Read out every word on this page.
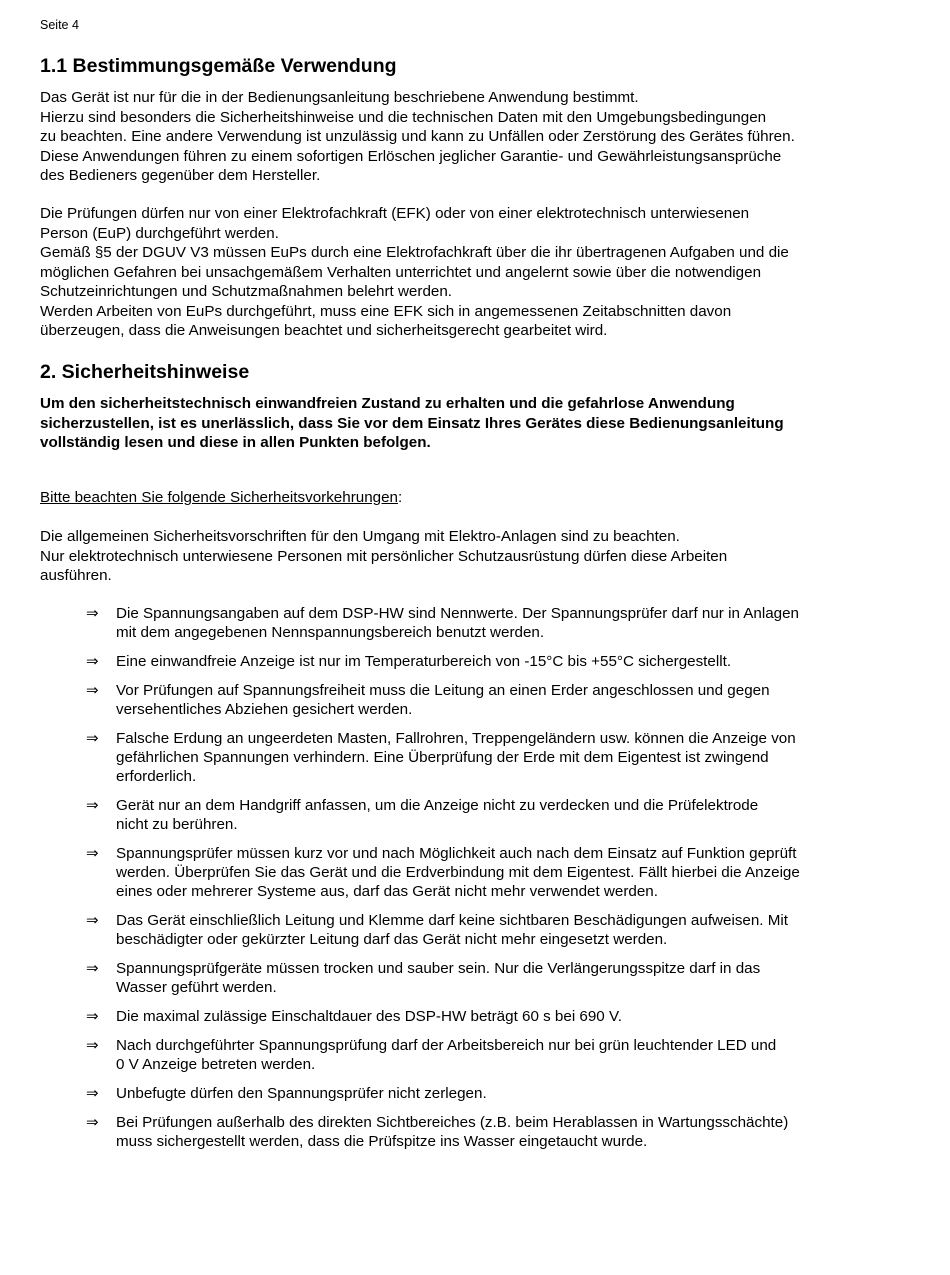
Seite 4
1.1 Bestimmungsgemäße Verwendung
Das Gerät ist nur für die in der Bedienungsanleitung beschriebene Anwendung bestimmt.
Hierzu sind besonders die Sicherheitshinweise und die technischen Daten mit den Umgebungsbedingungen
zu beachten. Eine andere Verwendung ist unzulässig und kann zu Unfällen oder Zerstörung des Gerätes führen.
Diese Anwendungen führen zu einem sofortigen Erlöschen jeglicher Garantie- und Gewährleistungsansprüche
des Bedieners gegenüber dem Hersteller.
Die Prüfungen dürfen nur von einer Elektrofachkraft (EFK) oder von einer elektrotechnisch unterwiesenen
Person (EuP) durchgeführt werden.
Gemäß §5 der DGUV V3 müssen EuPs durch eine Elektrofachkraft über die ihr übertragenen Aufgaben und die
möglichen Gefahren bei unsachgemäßem Verhalten unterrichtet und angelernt sowie über die notwendigen
Schutzeinrichtungen und Schutzmaßnahmen belehrt werden.
Werden Arbeiten von EuPs durchgeführt, muss eine EFK sich in angemessenen Zeitabschnitten davon
überzeugen, dass die Anweisungen beachtet und sicherheitsgerecht gearbeitet wird.
2. Sicherheitshinweise
Um den sicherheitstechnisch einwandfreien Zustand zu erhalten und die gefahrlose Anwendung
sicherzustellen, ist es unerlässlich, dass Sie vor dem Einsatz Ihres Gerätes diese Bedienungsanleitung
vollständig lesen und diese in allen Punkten befolgen.
Bitte beachten Sie folgende Sicherheitsvorkehrungen:
Die allgemeinen Sicherheitsvorschriften für den Umgang mit Elektro-Anlagen sind zu beachten.
Nur elektrotechnisch unterwiesene Personen mit persönlicher Schutzausrüstung dürfen diese Arbeiten
ausführen.
⇒	Die Spannungsangaben auf dem DSP-HW sind Nennwerte. Der Spannungsprüfer darf nur in Anlagen
mit dem angegebenen Nennspannungsbereich benutzt werden.
⇒	Eine einwandfreie Anzeige ist nur im Temperaturbereich von -15°C bis +55°C sichergestellt.
⇒	Vor Prüfungen auf Spannungsfreiheit muss die Leitung an einen Erder angeschlossen und gegen
versehentliches Abziehen gesichert werden.
⇒	Falsche Erdung an ungeerdeten Masten, Fallrohren, Treppengeländern usw. können die Anzeige von
gefährlichen Spannungen verhindern. Eine Überprüfung der Erde mit dem Eigentest ist zwingend
erforderlich.
⇒	Gerät nur an dem Handgriff anfassen, um die Anzeige nicht zu verdecken und die Prüfelektrode
nicht zu berühren.
⇒	Spannungsprüfer müssen kurz vor und nach Möglichkeit auch nach dem Einsatz auf Funktion geprüft
werden. Überprüfen Sie das Gerät und die Erdverbindung mit dem Eigentest. Fällt hierbei die Anzeige
eines oder mehrerer Systeme aus, darf das Gerät nicht mehr verwendet werden.
⇒	Das Gerät einschließlich Leitung und Klemme darf keine sichtbaren Beschädigungen aufweisen. Mit
beschädigter oder gekürzter Leitung darf das Gerät nicht mehr eingesetzt werden.
⇒	Spannungsprüfgeräte müssen trocken und sauber sein. Nur die Verlängerungsspitze darf in das
Wasser geführt werden.
⇒	Die maximal zulässige Einschaltdauer des DSP-HW beträgt 60 s bei 690 V.
⇒	Nach durchgeführter Spannungsprüfung darf der Arbeitsbereich nur bei grün leuchtender LED und
0 V Anzeige betreten werden.
⇒	Unbefugte dürfen den Spannungsprüfer nicht zerlegen.
⇒	Bei Prüfungen außerhalb des direkten Sichtbereiches (z.B. beim Herablassen in Wartungsschächte)
muss sichergestellt werden, dass die Prüfspitze ins Wasser eingetaucht wurde.
